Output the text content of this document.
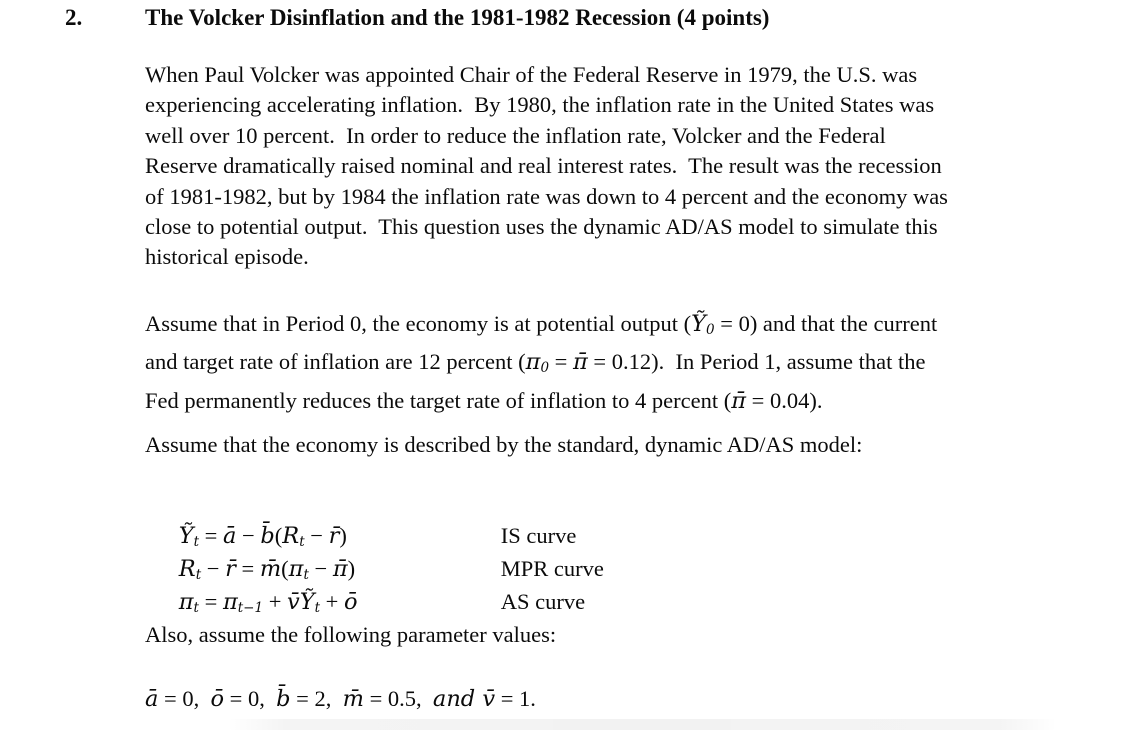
2.	The Volcker Disinflation and the 1981-1982 Recession (4 points)
When Paul Volcker was appointed Chair of the Federal Reserve in 1979, the U.S. was
experiencing accelerating inflation.  By 1980, the inflation rate in the United States was
well over 10 percent.  In order to reduce the inflation rate, Volcker and the Federal
Reserve dramatically raised nominal and real interest rates.  The result was the recession
of 1981-1982, but by 1984 the inflation rate was down to 4 percent and the economy was
close to potential output.  This question uses the dynamic AD/AS model to simulate this
historical episode.
Assume that in Period 0, the economy is at potential output (Ỹ0 = 0) and that the current
and target rate of inflation are 12 percent (π0 = π̄ = 0.12).  In Period 1, assume that the
Fed permanently reduces the target rate of inflation to 4 percent (π̄ = 0.04).
Assume that the economy is described by the standard, dynamic AD/AS model:

Ỹt = ā − b̄(Rt − r̄)	IS curve

Rt − r̄ = m̄(πt − π̄)	MPR curve

πt = πt−1 + v̄Ỹt + ō	AS curve

Also, assume the following parameter values:
ā = 0,  ō = 0,  b̄ = 2,  m̄ = 0.5,  and v̄ = 1.
